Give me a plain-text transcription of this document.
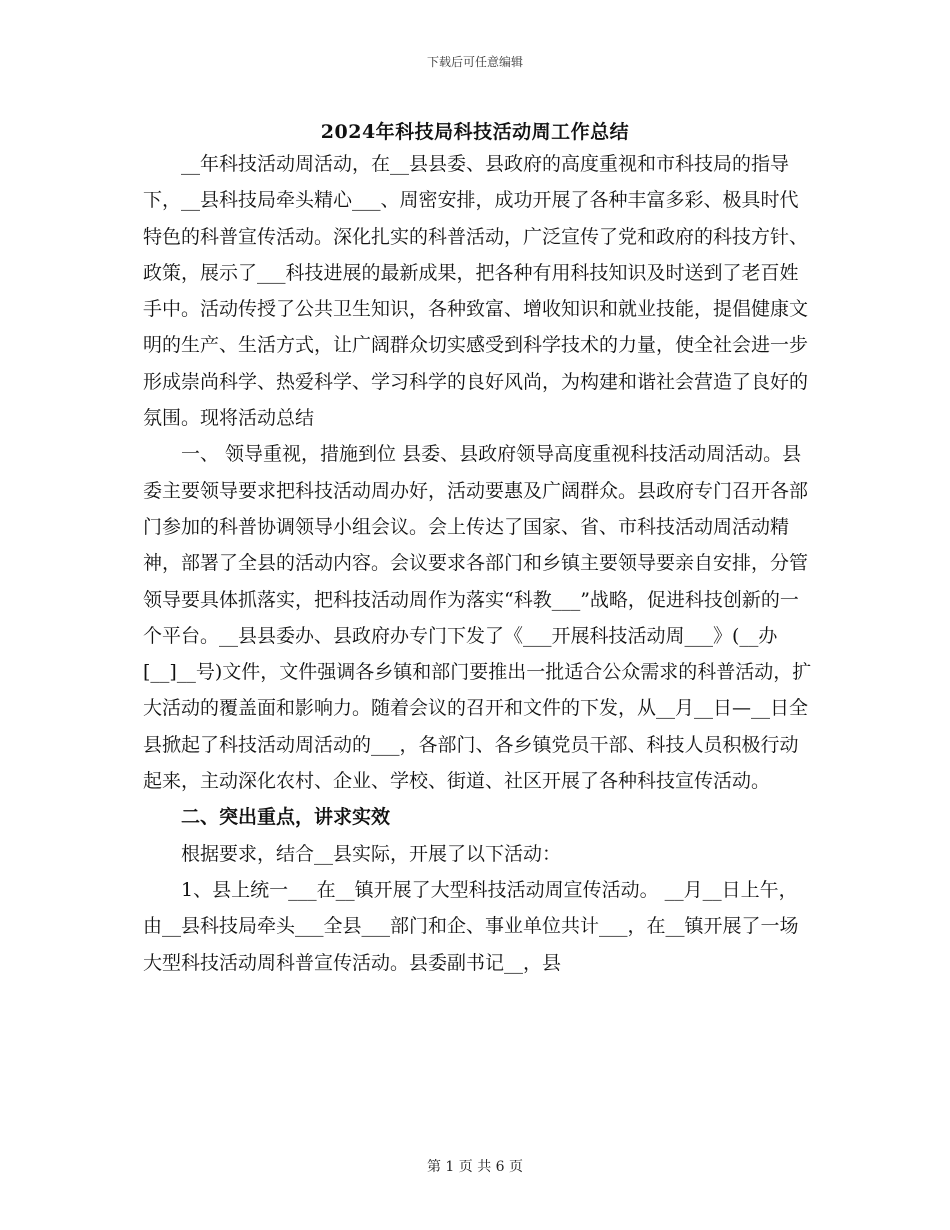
下载后可任意编辑
2024年科技局科技活动周工作总结

__年科技活动周活动，在__县县委、县政府的高度重视和市科技局的指导下，__县科技局牵头精心___、周密安排，成功开展了各种丰富多彩、极具时代特色的科普宣传活动。深化扎实的科普活动，广泛宣传了党和政府的科技方针、政策，展示了___科技进展的最新成果，把各种有用科技知识及时送到了老百姓手中。活动传授了公共卫生知识，各种致富、增收知识和就业技能，提倡健康文明的生产、生活方式，让广阔群众切实感受到科学技术的力量，使全社会进一步形成崇尚科学、热爱科学、学习科学的良好风尚，为构建和谐社会营造了良好的氛围。现将活动总结

一、 领导重视，措施到位 县委、县政府领导高度重视科技活动周活动。县委主要领导要求把科技活动周办好，活动要惠及广阔群众。县政府专门召开各部门参加的科普协调领导小组会议。会上传达了国家、省、市科技活动周活动精神，部署了全县的活动内容。会议要求各部门和乡镇主要领导要亲自安排，分管领导要具体抓落实，把科技活动周作为落实“科教___”战略，促进科技创新的一个平台。__县县委办、县政府办专门下发了《___开展科技活动周___》(__办[__]__号)文件，文件强调各乡镇和部门要推出一批适合公众需求的科普活动，扩大活动的覆盖面和影响力。随着会议的召开和文件的下发，从__月__日—__日全县掀起了科技活动周活动的___，各部门、各乡镇党员干部、科技人员积极行动起来，主动深化农村、企业、学校、街道、社区开展了各种科技宣传活动。

二、突出重点，讲求实效

根据要求，结合__县实际，开展了以下活动：

1、县上统一___在__镇开展了大型科技活动周宣传活动。 __月__日上午，由__县科技局牵头___全县___部门和企、事业单位共计___，在__镇开展了一场大型科技活动周科普宣传活动。县委副书记__，县

第 1 页 共 6 页
